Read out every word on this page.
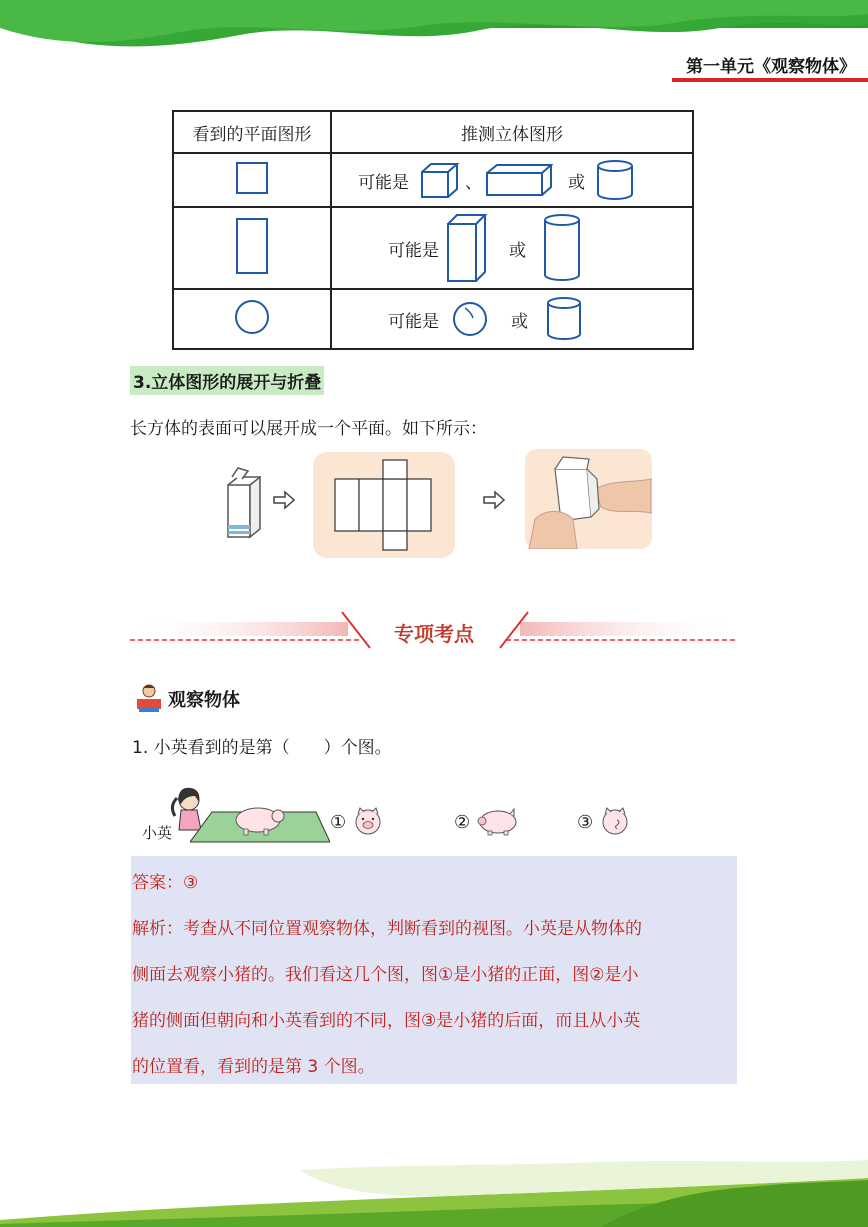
第一单元《观察物体》
看到的平面图形	推测立体图形

可能是 、 或

可能是 或

可能是 或
3.立体图形的展开与折叠
长方体的表面可以展开成一个平面。如下所示：
专项考点
观察物体
1. 小英看到的是第（　　）个图。
小英	①	②	③
答案：③
解析：考查从不同位置观察物体，判断看到的视图。小英是从物体的
侧面去观察小猪的。我们看这几个图，图①是小猪的正面，图②是小
猪的侧面但朝向和小英看到的不同，图③是小猪的后面，而且从小英
的位置看，看到的是第 3 个图。
